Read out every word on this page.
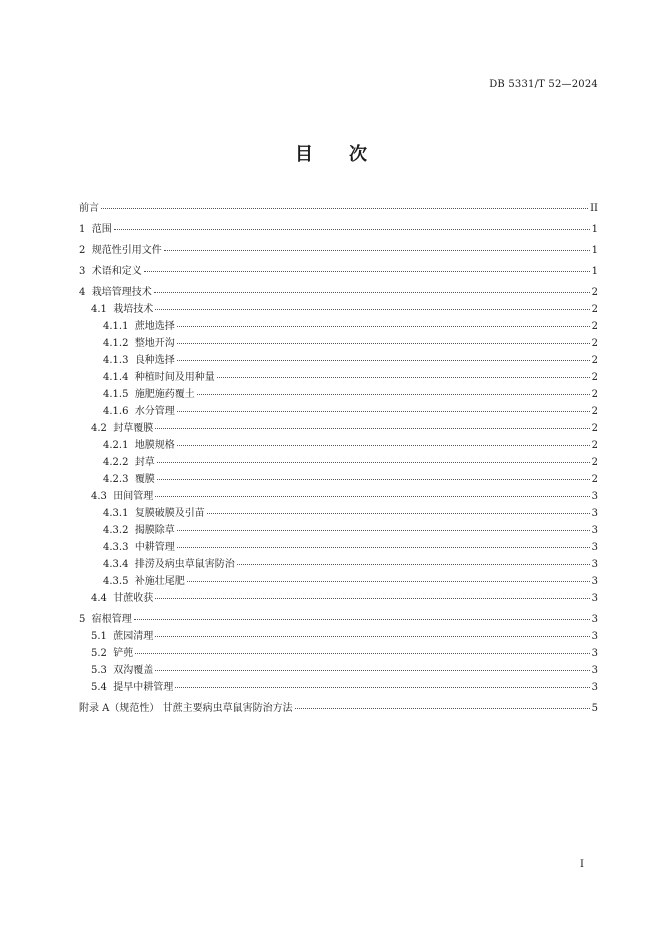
DB 5331/T 52—2024
目 次
前言	II
1 范围	1
2 规范性引用文件	1
3 术语和定义	1
4 栽培管理技术	2
4.1 栽培技术	2
4.1.1 蔗地选择	2
4.1.2 整地开沟	2
4.1.3 良种选择	2
4.1.4 种植时间及用种量	2
4.1.5 施肥施药覆土	2
4.1.6 水分管理	2
4.2 封草覆膜	2
4.2.1 地膜规格	2
4.2.2 封草	2
4.2.3 覆膜	2
4.3 田间管理	3
4.3.1 复膜破膜及引苗	3
4.3.2 揭膜除草	3
4.3.3 中耕管理	3
4.3.4 排涝及病虫草鼠害防治	3
4.3.5 补施壮尾肥	3
4.4 甘蔗收获	3
5 宿根管理	3
5.1 蔗园清理	3
5.2 铲蔸	3
5.3 双沟覆盖	3
5.4 提早中耕管理	3
附录 A（规范性） 甘蔗主要病虫草鼠害防治方法	5
I
